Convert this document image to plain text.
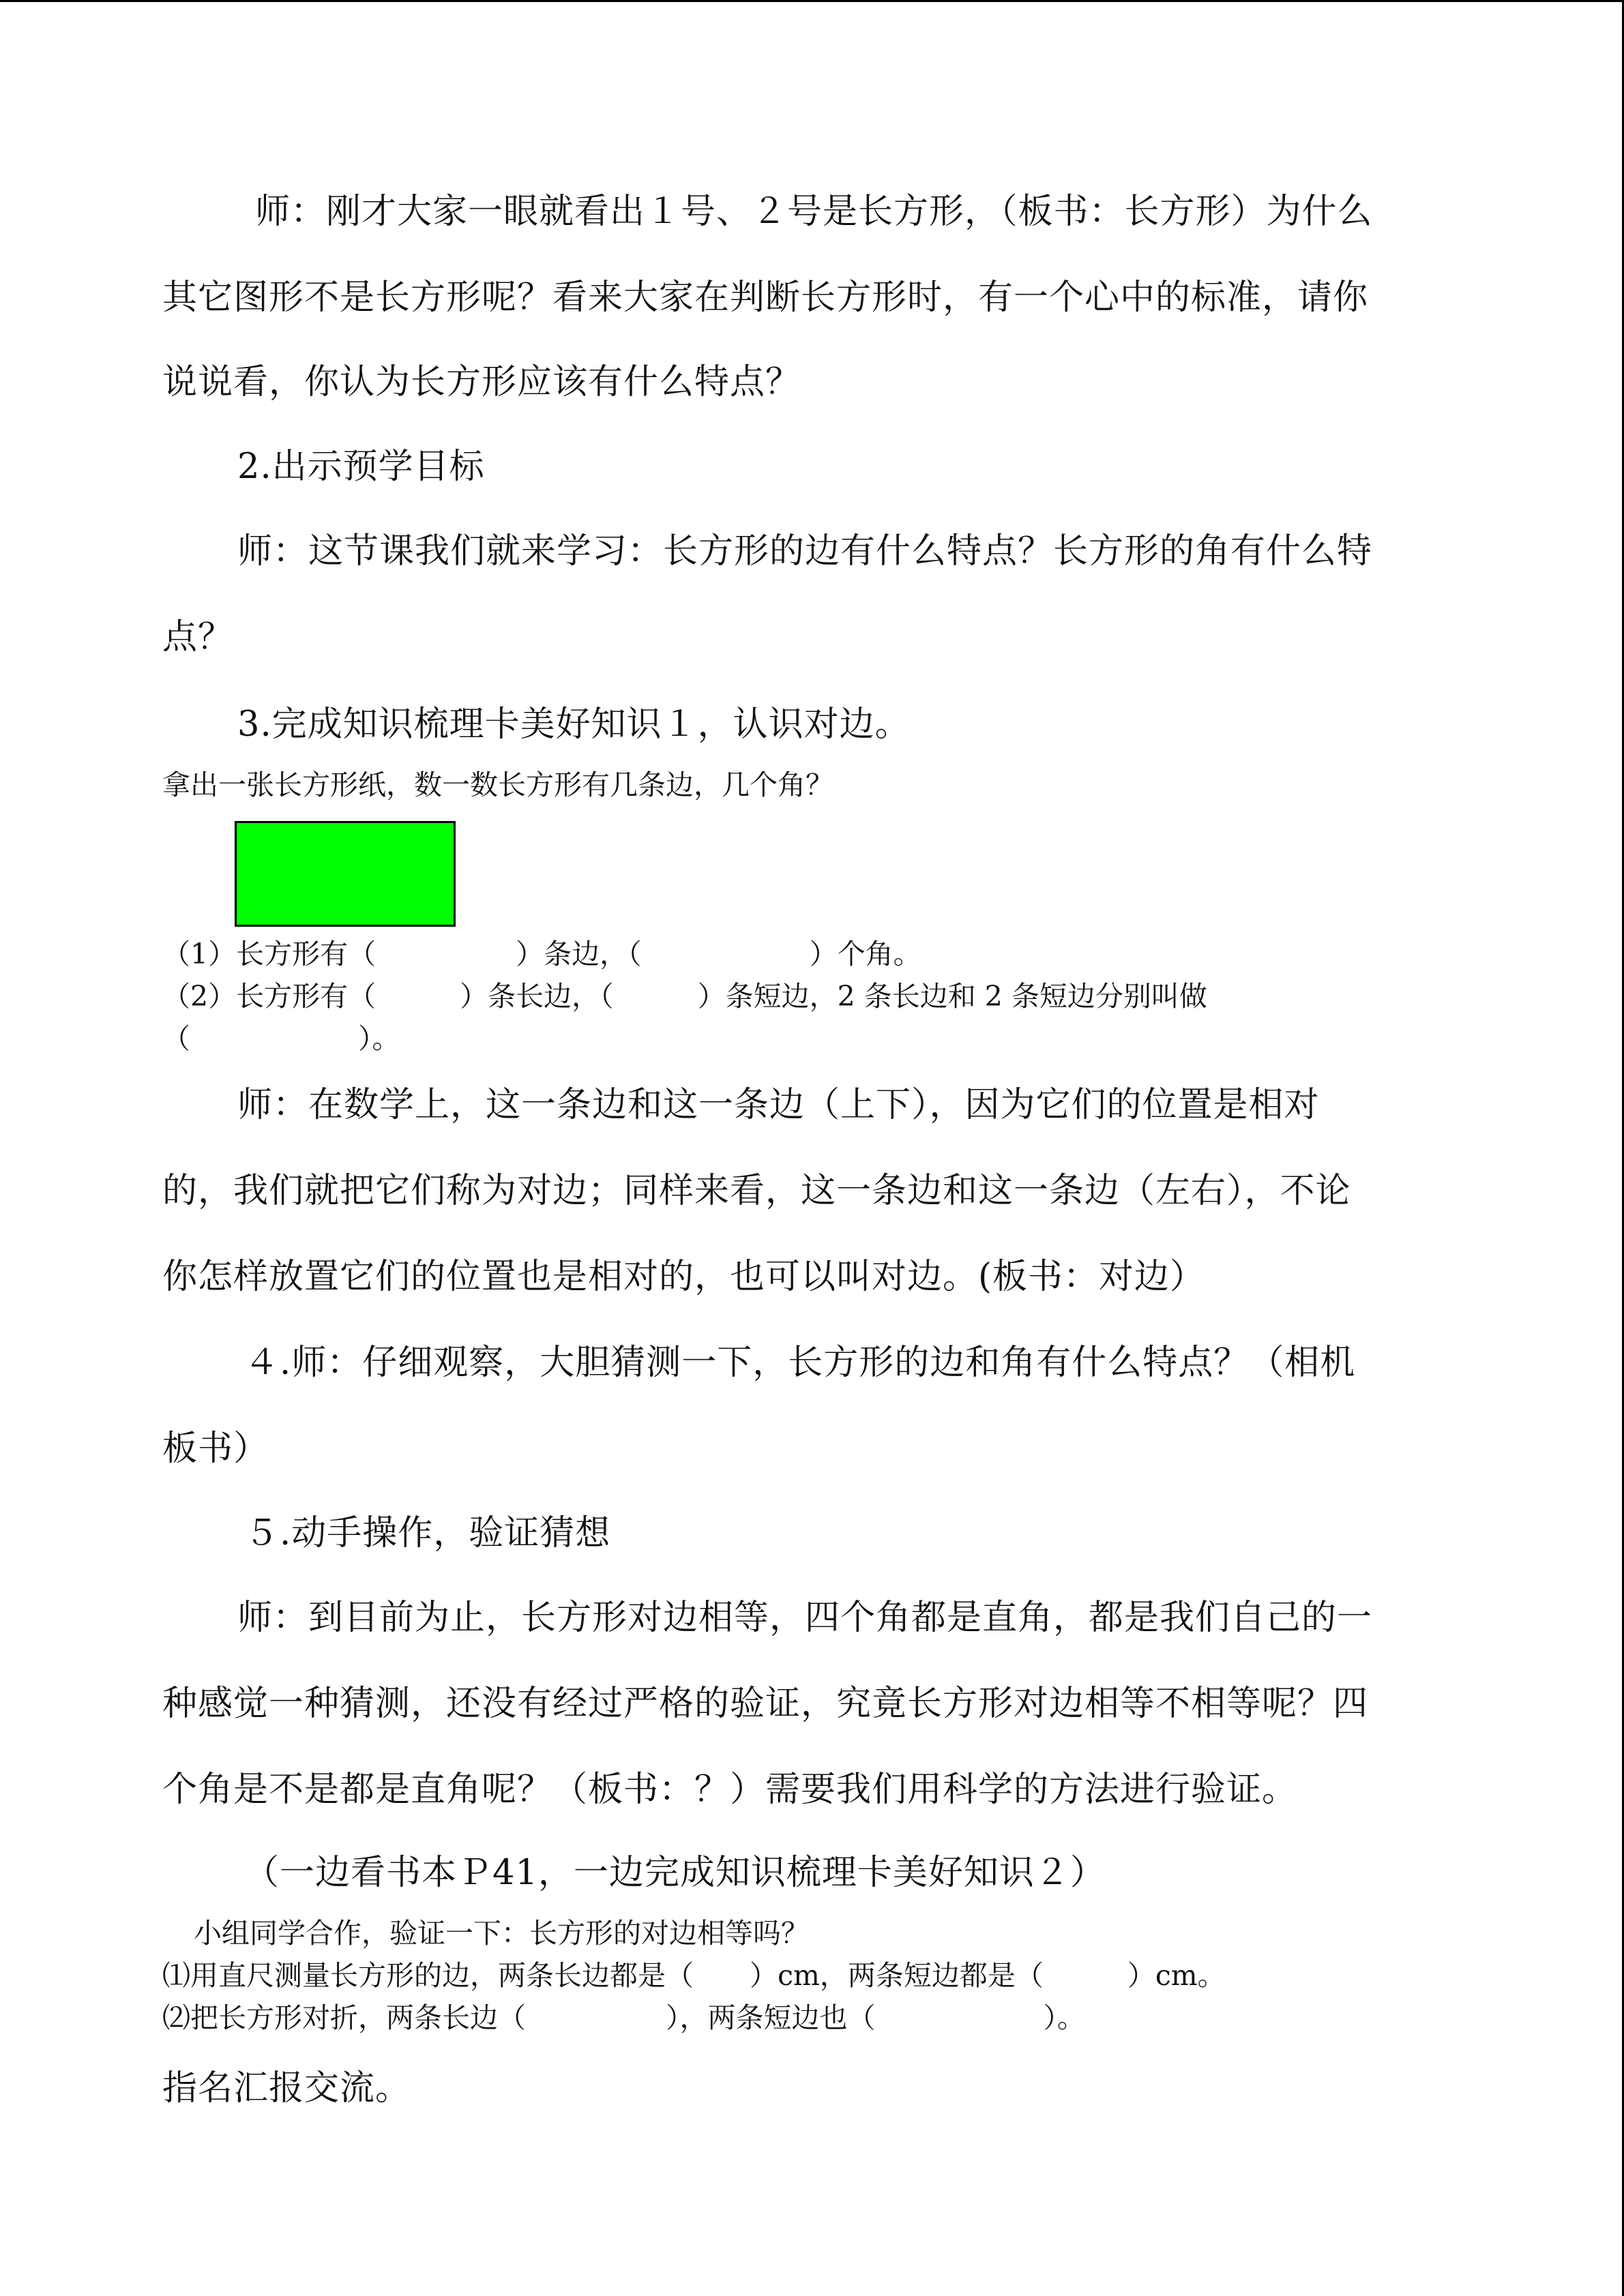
师：刚才大家一眼就看出１号、２号是长方形，（板书：长方形）为什么
其它图形不是长方形呢？看来大家在判断长方形时，有一个心中的标准，请你
说说看，你认为长方形应该有什么特点？
2.出示预学目标
师：这节课我们就来学习：长方形的边有什么特点？长方形的角有什么特
点？
3.完成知识梳理卡美好知识１，认识对边。
拿出一张长方形纸，数一数长方形有几条边，几个角？
（1）长方形有（　　　　　）条边，（　　　　　　）个角。
（2）长方形有（　　　）条长边，（　　　）条短边，2 条长边和 2 条短边分别叫做
（　　　　　　）。
师：在数学上，这一条边和这一条边（上下），因为它们的位置是相对
的，我们就把它们称为对边；同样来看，这一条边和这一条边（左右），不论
你怎样放置它们的位置也是相对的，也可以叫对边。(板书：对边）
４.师：仔细观察，大胆猜测一下，长方形的边和角有什么特点？（相机
板书）
５.动手操作，验证猜想
师：到目前为止，长方形对边相等，四个角都是直角，都是我们自己的一
种感觉一种猜测，还没有经过严格的验证，究竟长方形对边相等不相等呢？四
个角是不是都是直角呢？（板书：？）需要我们用科学的方法进行验证。
（一边看书本Ｐ41，一边完成知识梳理卡美好知识２）
小组同学合作，验证一下：长方形的对边相等吗？
⑴用直尺测量长方形的边，两条长边都是（　　）cm，两条短边都是（　　　）cm。
⑵把长方形对折，两条长边（　　　　　），两条短边也（　　　　　　）。
指名汇报交流。
